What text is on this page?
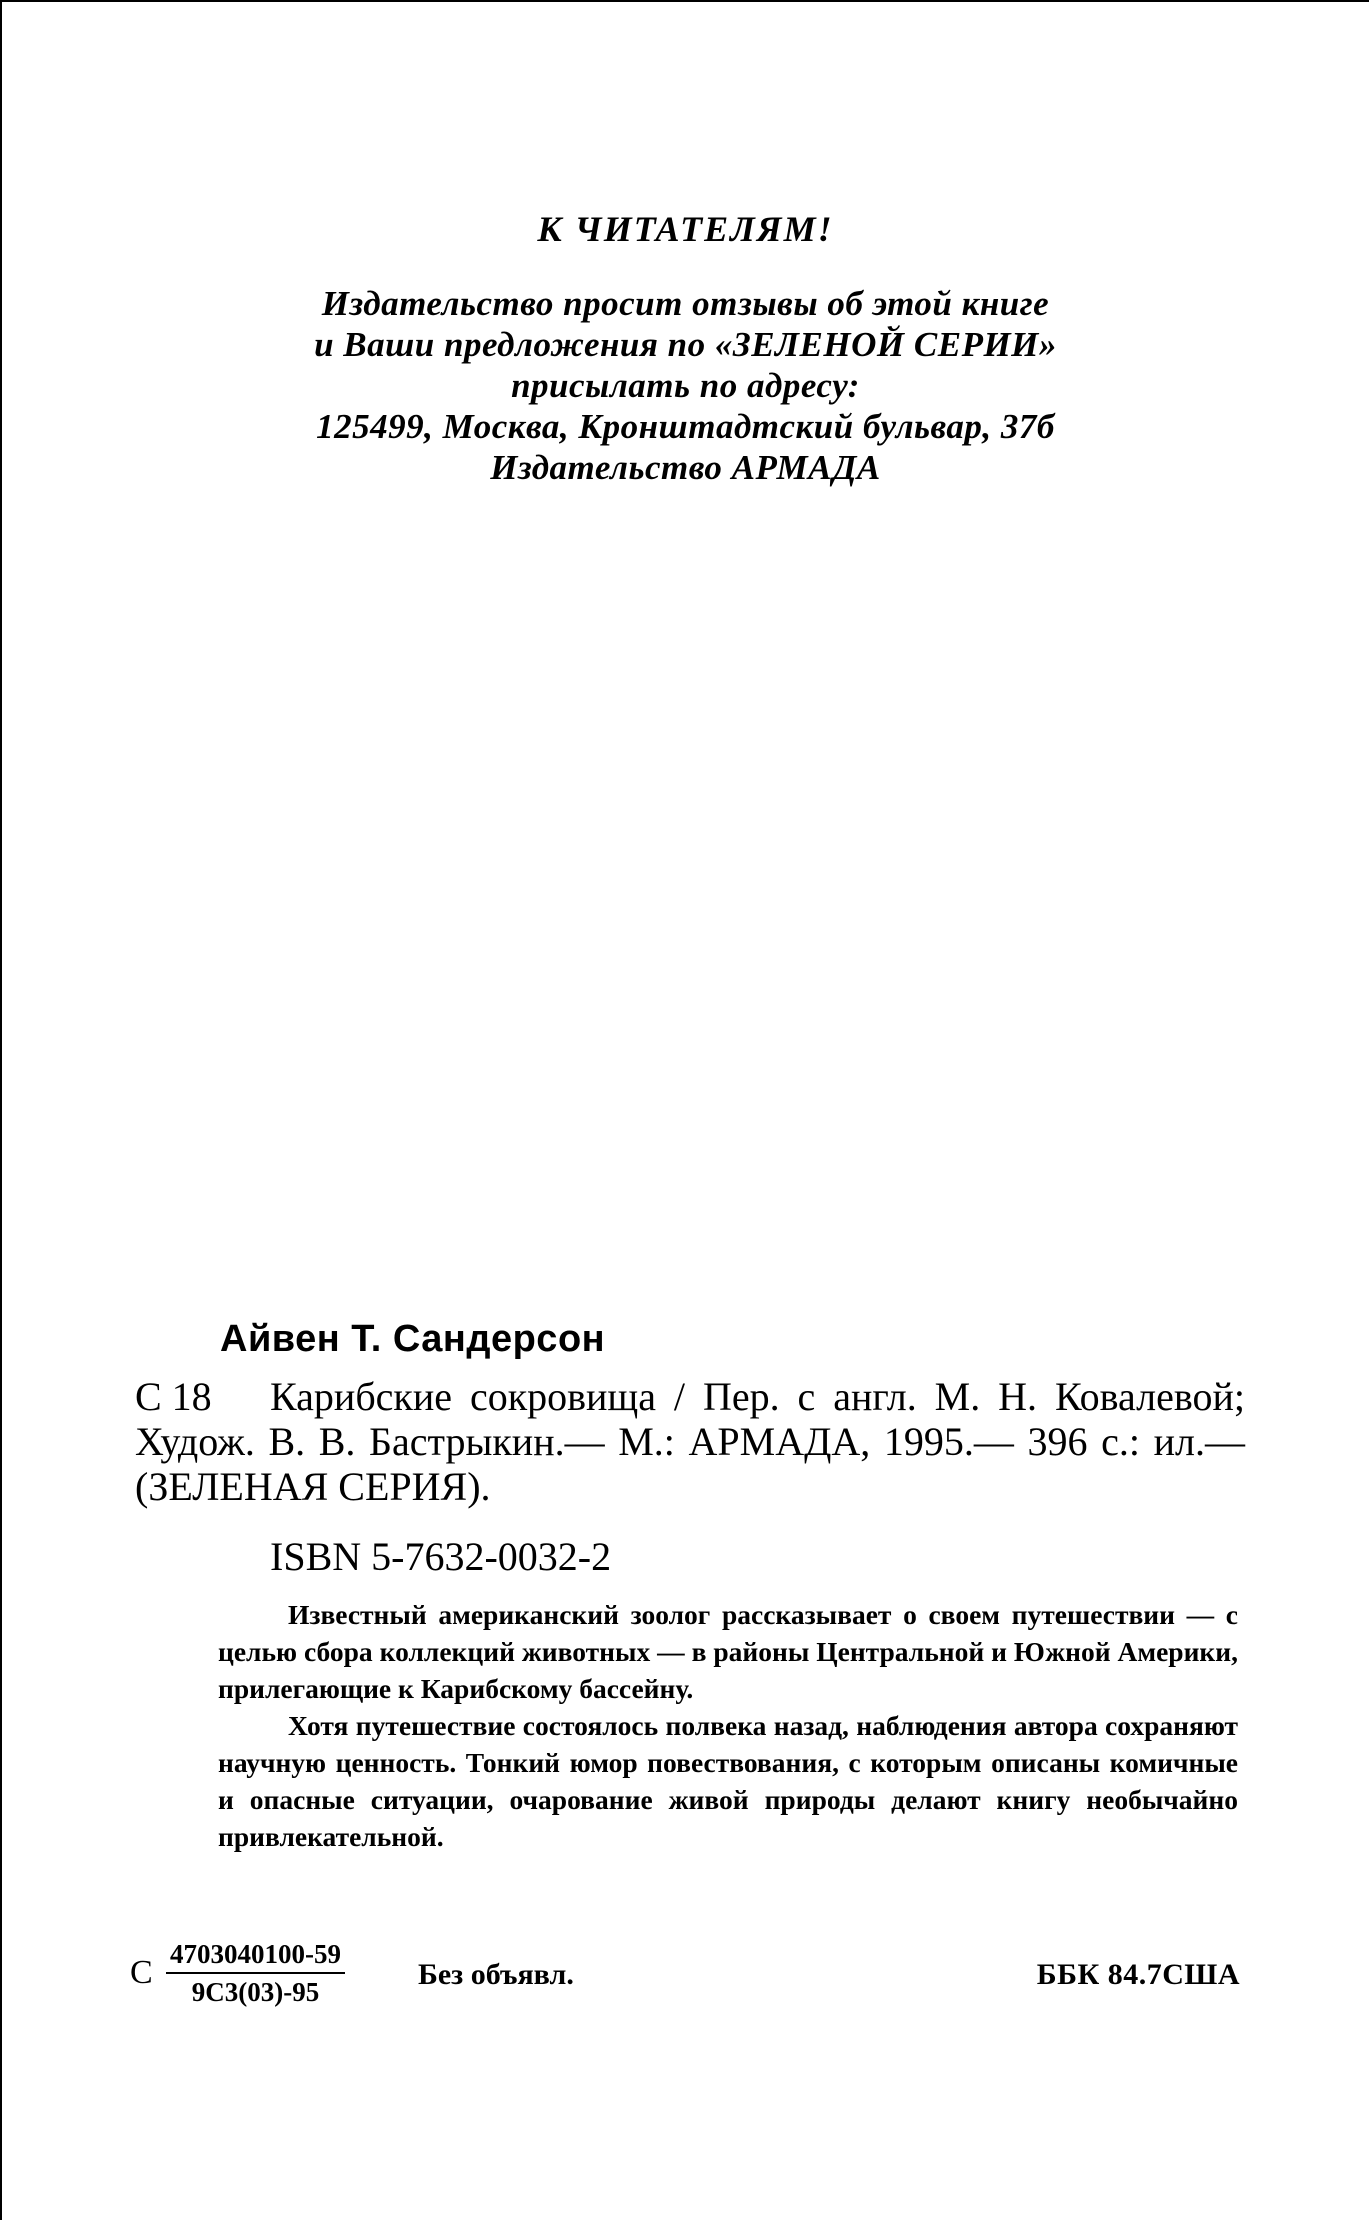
К ЧИТАТЕЛЯМ!
Издательство просит отзывы об этой книге
и Ваши предложения по «ЗЕЛЕНОЙ СЕРИИ»
присылать по адресу:
125499, Москва, Кронштадтский бульвар, 37б
Издательство АРМАДА
Айвен Т. Сандерсон
С 18	Карибские сокровища / Пер. с англ. М. Н. Ковалевой; Худож. В. В. Бастрыкин.— М.: АРМАДА, 1995.— 396 с.: ил.— (ЗЕЛЕНАЯ СЕРИЯ).
ISBN 5-7632-0032-2

Известный американский зоолог рассказывает о своем путешествии — с целью сбора коллекций животных — в районы Центральной и Южной Америки, прилегающие к Карибскому бассейну.

Хотя путешествие состоялось полвека назад, наблюдения автора сохраняют научную ценность. Тонкий юмор повествования, с которым описаны комичные и опасные ситуации, очарование живой природы делают книгу необычайно привлекательной.

С 4703040100-59
9С3(03)-95
Без объявл.	ББК 84.7США
